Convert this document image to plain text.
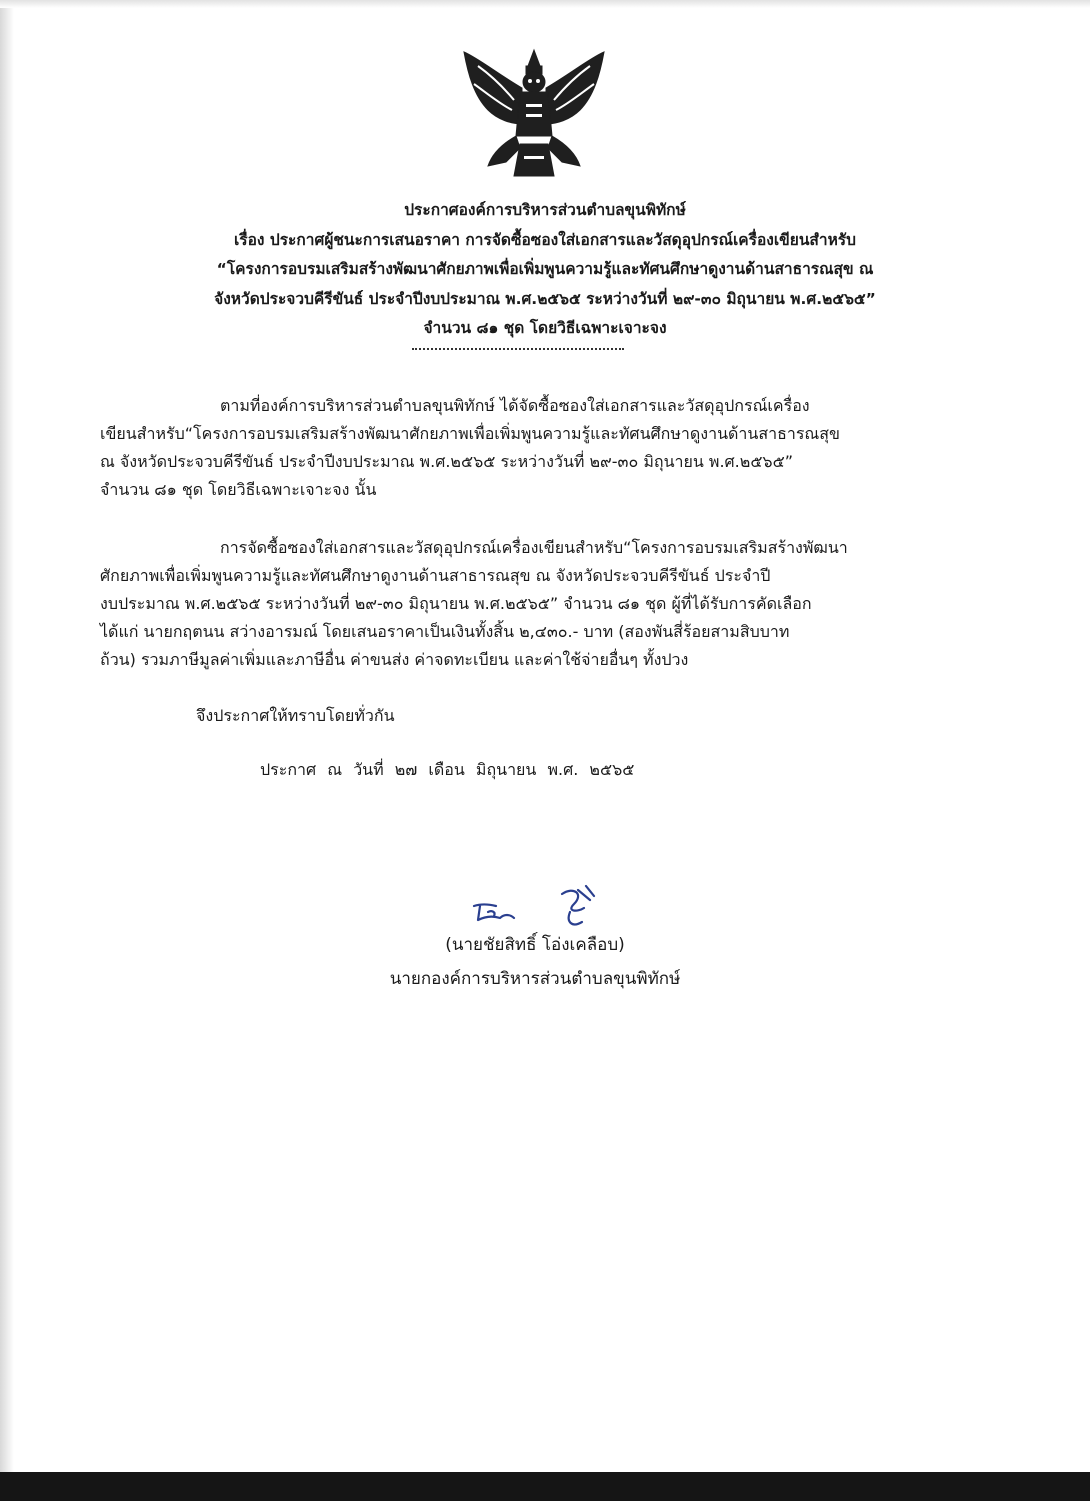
ประกาศองค์การบริหารส่วนตำบลขุนพิทักษ์
เรื่อง ประกาศผู้ชนะการเสนอราคา การจัดซื้อซองใส่เอกสารและวัสดุอุปกรณ์เครื่องเขียนสำหรับ
“โครงการอบรมเสริมสร้างพัฒนาศักยภาพเพื่อเพิ่มพูนความรู้และทัศนศึกษาดูงานด้านสาธารณสุข ณ
จังหวัดประจวบคีรีขันธ์ ประจำปีงบประมาณ พ.ศ.๒๕๖๕ ระหว่างวันที่ ๒๙-๓๐ มิถุนายน พ.ศ.๒๕๖๕”
จำนวน ๘๑ ชุด โดยวิธีเฉพาะเจาะจง
ตามที่องค์การบริหารส่วนตำบลขุนพิทักษ์ ได้จัดซื้อซองใส่เอกสารและวัสดุอุปกรณ์เครื่อง
เขียนสำหรับ“โครงการอบรมเสริมสร้างพัฒนาศักยภาพเพื่อเพิ่มพูนความรู้และทัศนศึกษาดูงานด้านสาธารณสุข
ณ จังหวัดประจวบคีรีขันธ์ ประจำปีงบประมาณ พ.ศ.๒๕๖๕ ระหว่างวันที่ ๒๙-๓๐ มิถุนายน พ.ศ.๒๕๖๕”
จำนวน ๘๑ ชุด โดยวิธีเฉพาะเจาะจง นั้น
การจัดซื้อซองใส่เอกสารและวัสดุอุปกรณ์เครื่องเขียนสำหรับ“โครงการอบรมเสริมสร้างพัฒนา
ศักยภาพเพื่อเพิ่มพูนความรู้และทัศนศึกษาดูงานด้านสาธารณสุข ณ จังหวัดประจวบคีรีขันธ์ ประจำปี
งบประมาณ พ.ศ.๒๕๖๕ ระหว่างวันที่ ๒๙-๓๐ มิถุนายน พ.ศ.๒๕๖๕” จำนวน ๘๑ ชุด ผู้ที่ได้รับการคัดเลือก
ได้แก่ นายกฤตนน สว่างอารมณ์ โดยเสนอราคาเป็นเงินทั้งสิ้น ๒,๔๓๐.- บาท (สองพันสี่ร้อยสามสิบบาท
ถ้วน) รวมภาษีมูลค่าเพิ่มและภาษีอื่น ค่าขนส่ง ค่าจดทะเบียน และค่าใช้จ่ายอื่นๆ ทั้งปวง
จึงประกาศให้ทราบโดยทั่วกัน
ประกาศ ณ วันที่ ๒๗ เดือน มิถุนายน พ.ศ. ๒๕๖๕
(นายชัยสิทธิ์ โอ่งเคลือบ)
นายกองค์การบริหารส่วนตำบลขุนพิทักษ์
